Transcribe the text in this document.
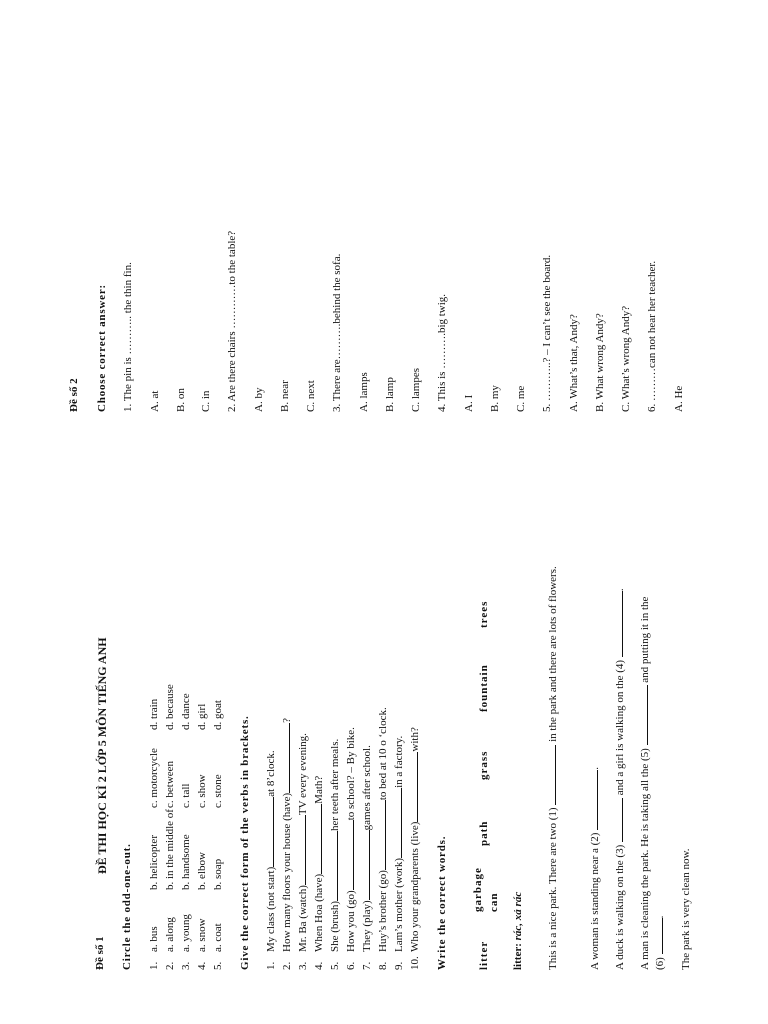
ĐỀ THI HỌC KÌ 2 LỚP 5 MÔN TIẾNG ANH
Đề số 1 Circle the odd-one-out. 1.
a. bus
b. helicopter
c. motorcycle
d. train
2.
a. along
b. in the middle of
c. between
d. because
3.
a. young
b. handsome
c. tall
d. dance
4.
a. snow
b. elbow
c. show
d. girl
5.
a. coat
b. soap
c. stone
d. goat
Give the correct form of the verbs in brackets. 1.My class (not start)at 8’clock.
2.How many floors your house (have)?
3.Mr. Ba (watch)TV every evening.
4.When Hoa (have)Math?
5.She (brush)her teeth after meals.
6.How you (go)to school? – By bike.
7.They (play)games after school.
8.Huy’s brother (go)to bed at 10 o ‘clock.
9.Lam’s mother (work)in a factory.
10.Who your grandparents (live)with?
Write the correct words.	litter
garbage can
path
grass
fountain
trees
litter: rác, xả rác This is a nice park. There are two (1)  in the park and there are lots of flowers.
A woman is standing near a (2) .
A duck is walking on the (3)  and a girl is walking on the (4) .
A man is cleaning the park. He is taking all the (5)  and putting it in the
(6) . The park is very clean now.
Đề số 2 Choose correct answer: 1. The pin is ……….. the thin fin. A. at B. on C. in 2. Are there chairs …………to the table? A. by B. near C. next 3. There are……….behind the sofa. A. lamps B. lamp C. lampes 4. This is ……….big twig. A. I B. my C. me 5. ………..? – I can’t see the board. A. What’s that, Andy? B. What wrong Andy? C. What’s wrong Andy? 6. ………can not hear her teacher. A. He
